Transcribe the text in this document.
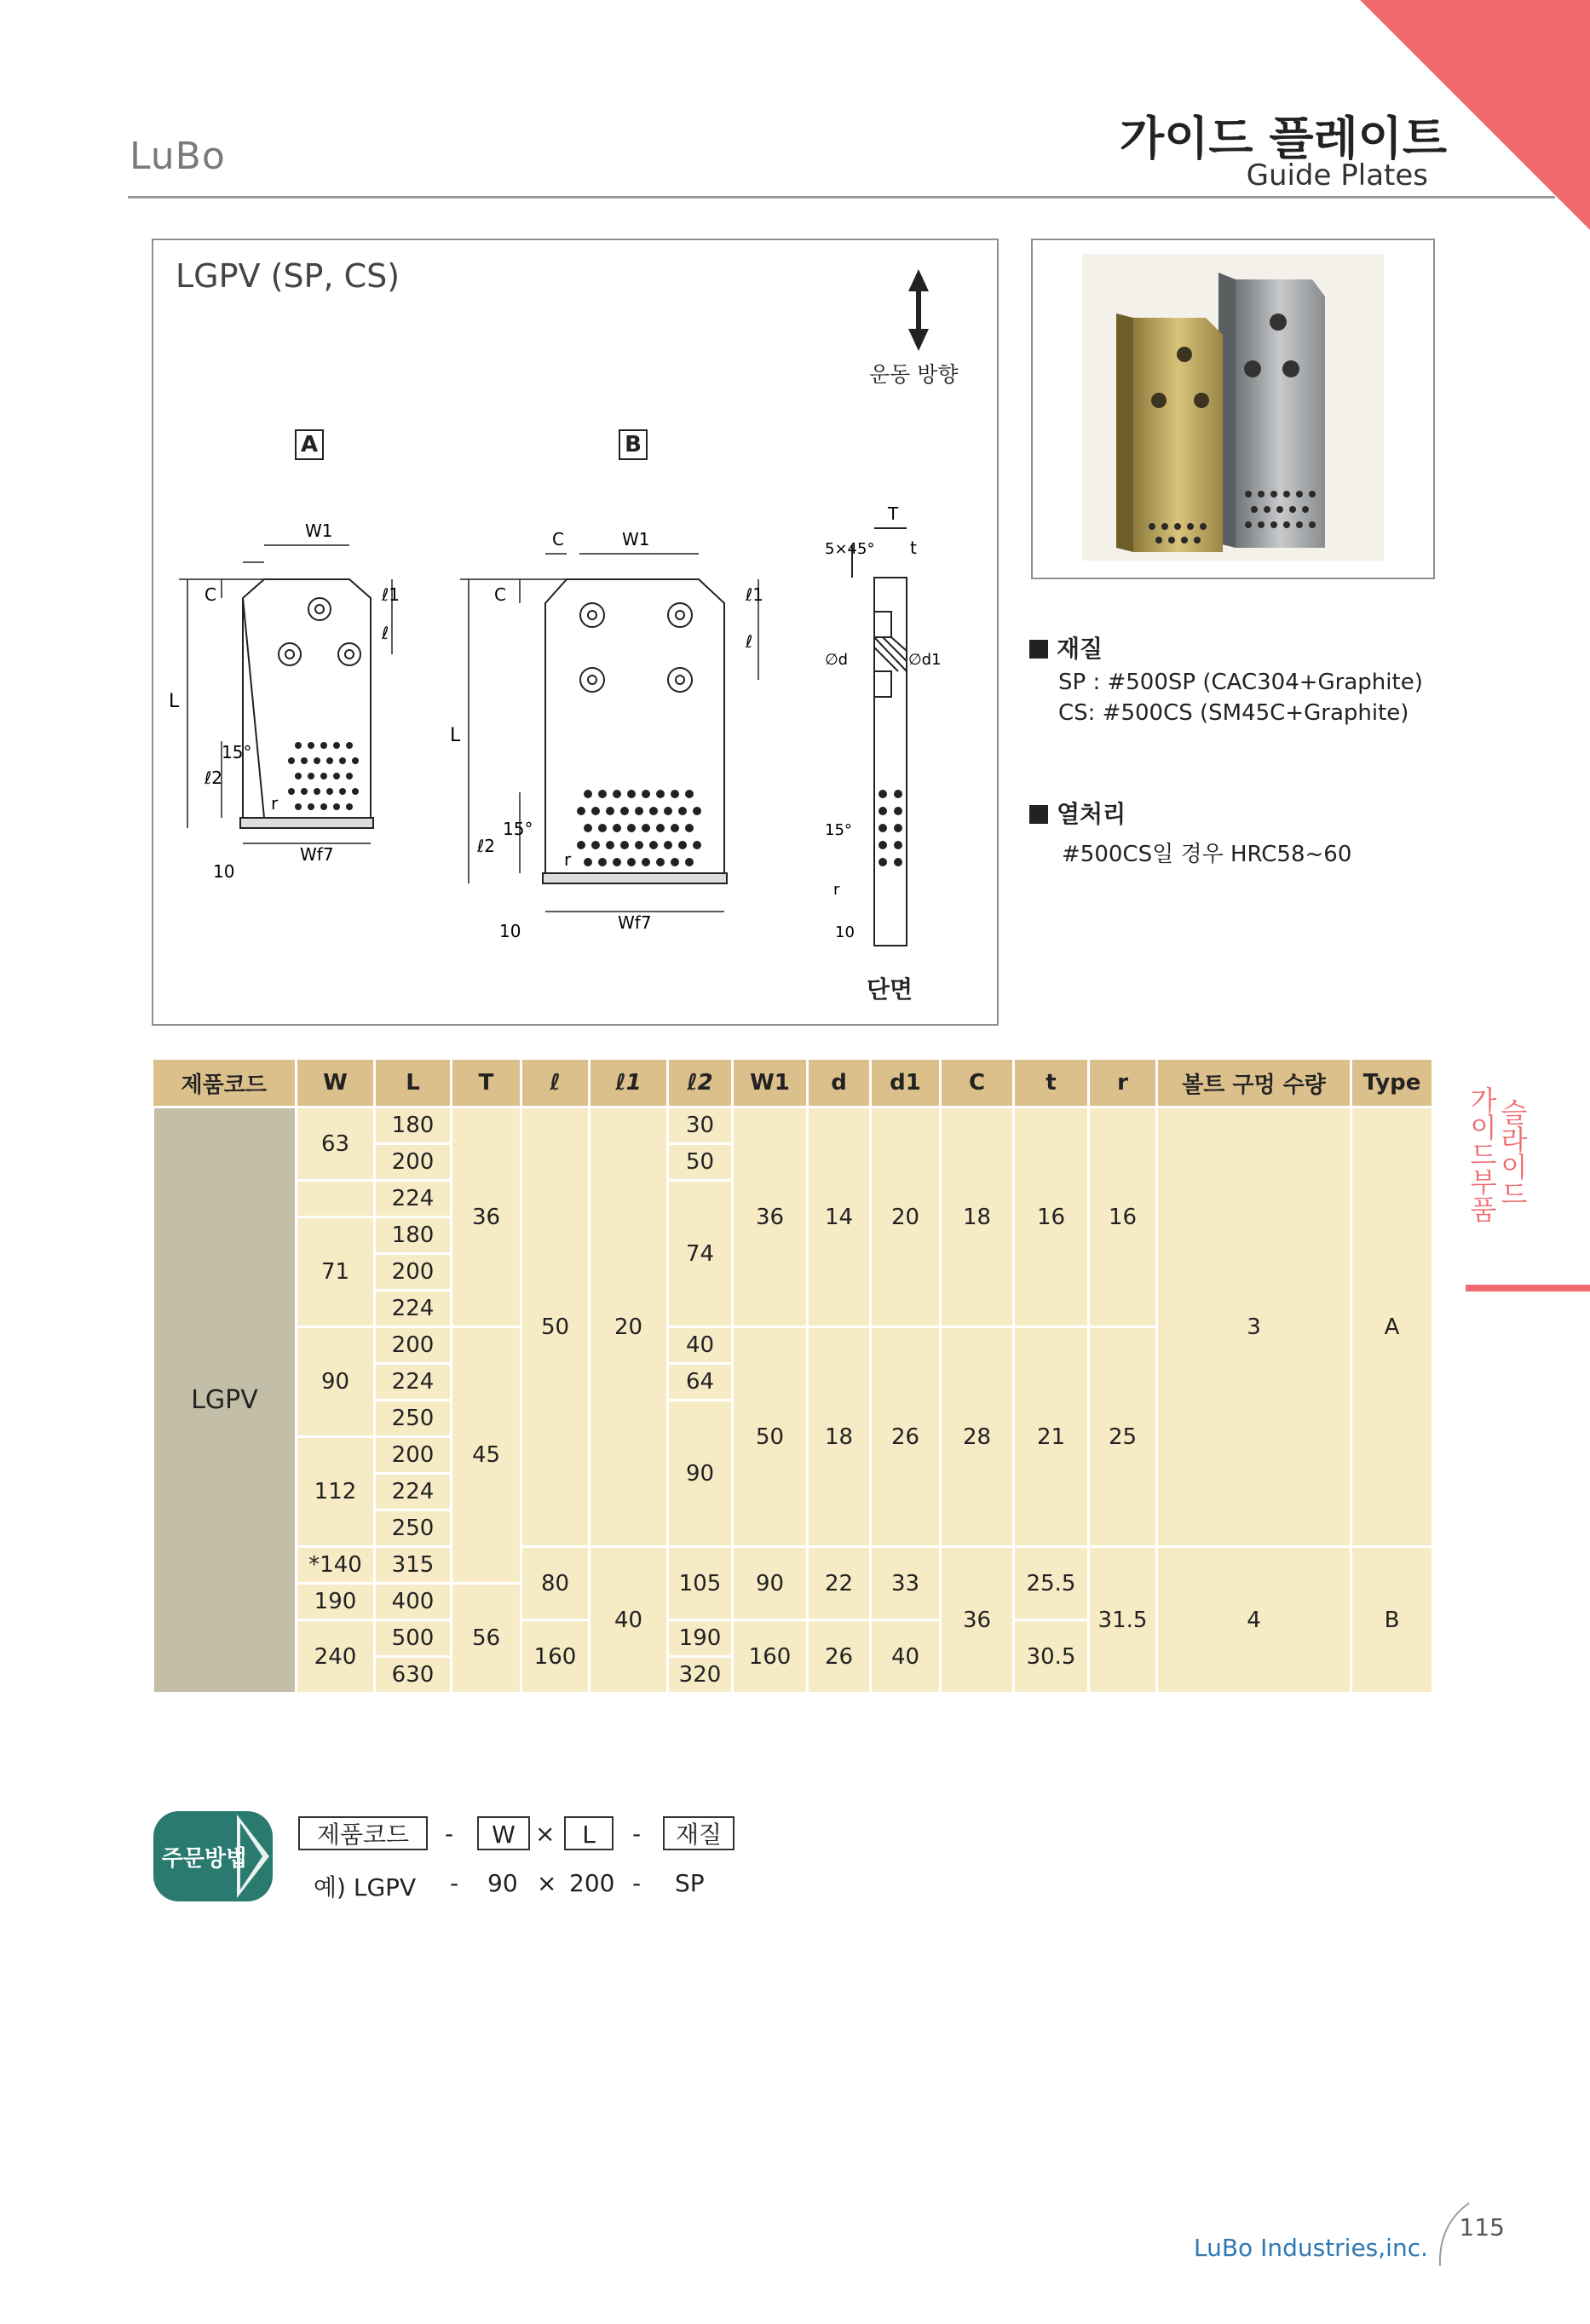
LuBo	가이드 플레이트
Guide Plates
LGPV (SP, CS)
운동 방향
A	B
L
C
W1
ℓ1
ℓ
ℓ2
15°
r
Wf7
10
L
C
C	W1
ℓ1
ℓ
ℓ2
15°
r
Wf7
10
T
t
5×45°
∅d	∅d1
15°
r
10
단면
재질
SP : #500SP (CAC304+Graphite)
CS: #500CS (SM45C+Graphite)
열처리
#500CS일 경우 HRC58~60
제품코드	W	L	T	ℓ	ℓ1	ℓ2	W1	d	d1	C	t	r	볼트 구멍 수량	Type
LGPV	63	180	36	50	20	30	36	14	20	18	16	16	3	A
		200				50								
		224				74								
	71	180												
		200												
		224												
	90	200	45			40	50	18	26	28	21	25		
		224				64								
		250				90								
	112	200												
		224												
		250												
	*140	315		80	40	105	90	22	33	36	25.5	31.5	4	B
	190	400	56											
	240	500		160		190	160	26	40		30.5			
		630				320								
가
이
드
부
품
슬
라
이
드
주문방법
제품코드	-	W ×	L	-	재질
예) LGPV - 90 × 200 - SP
LuBo Industries,inc.
115
